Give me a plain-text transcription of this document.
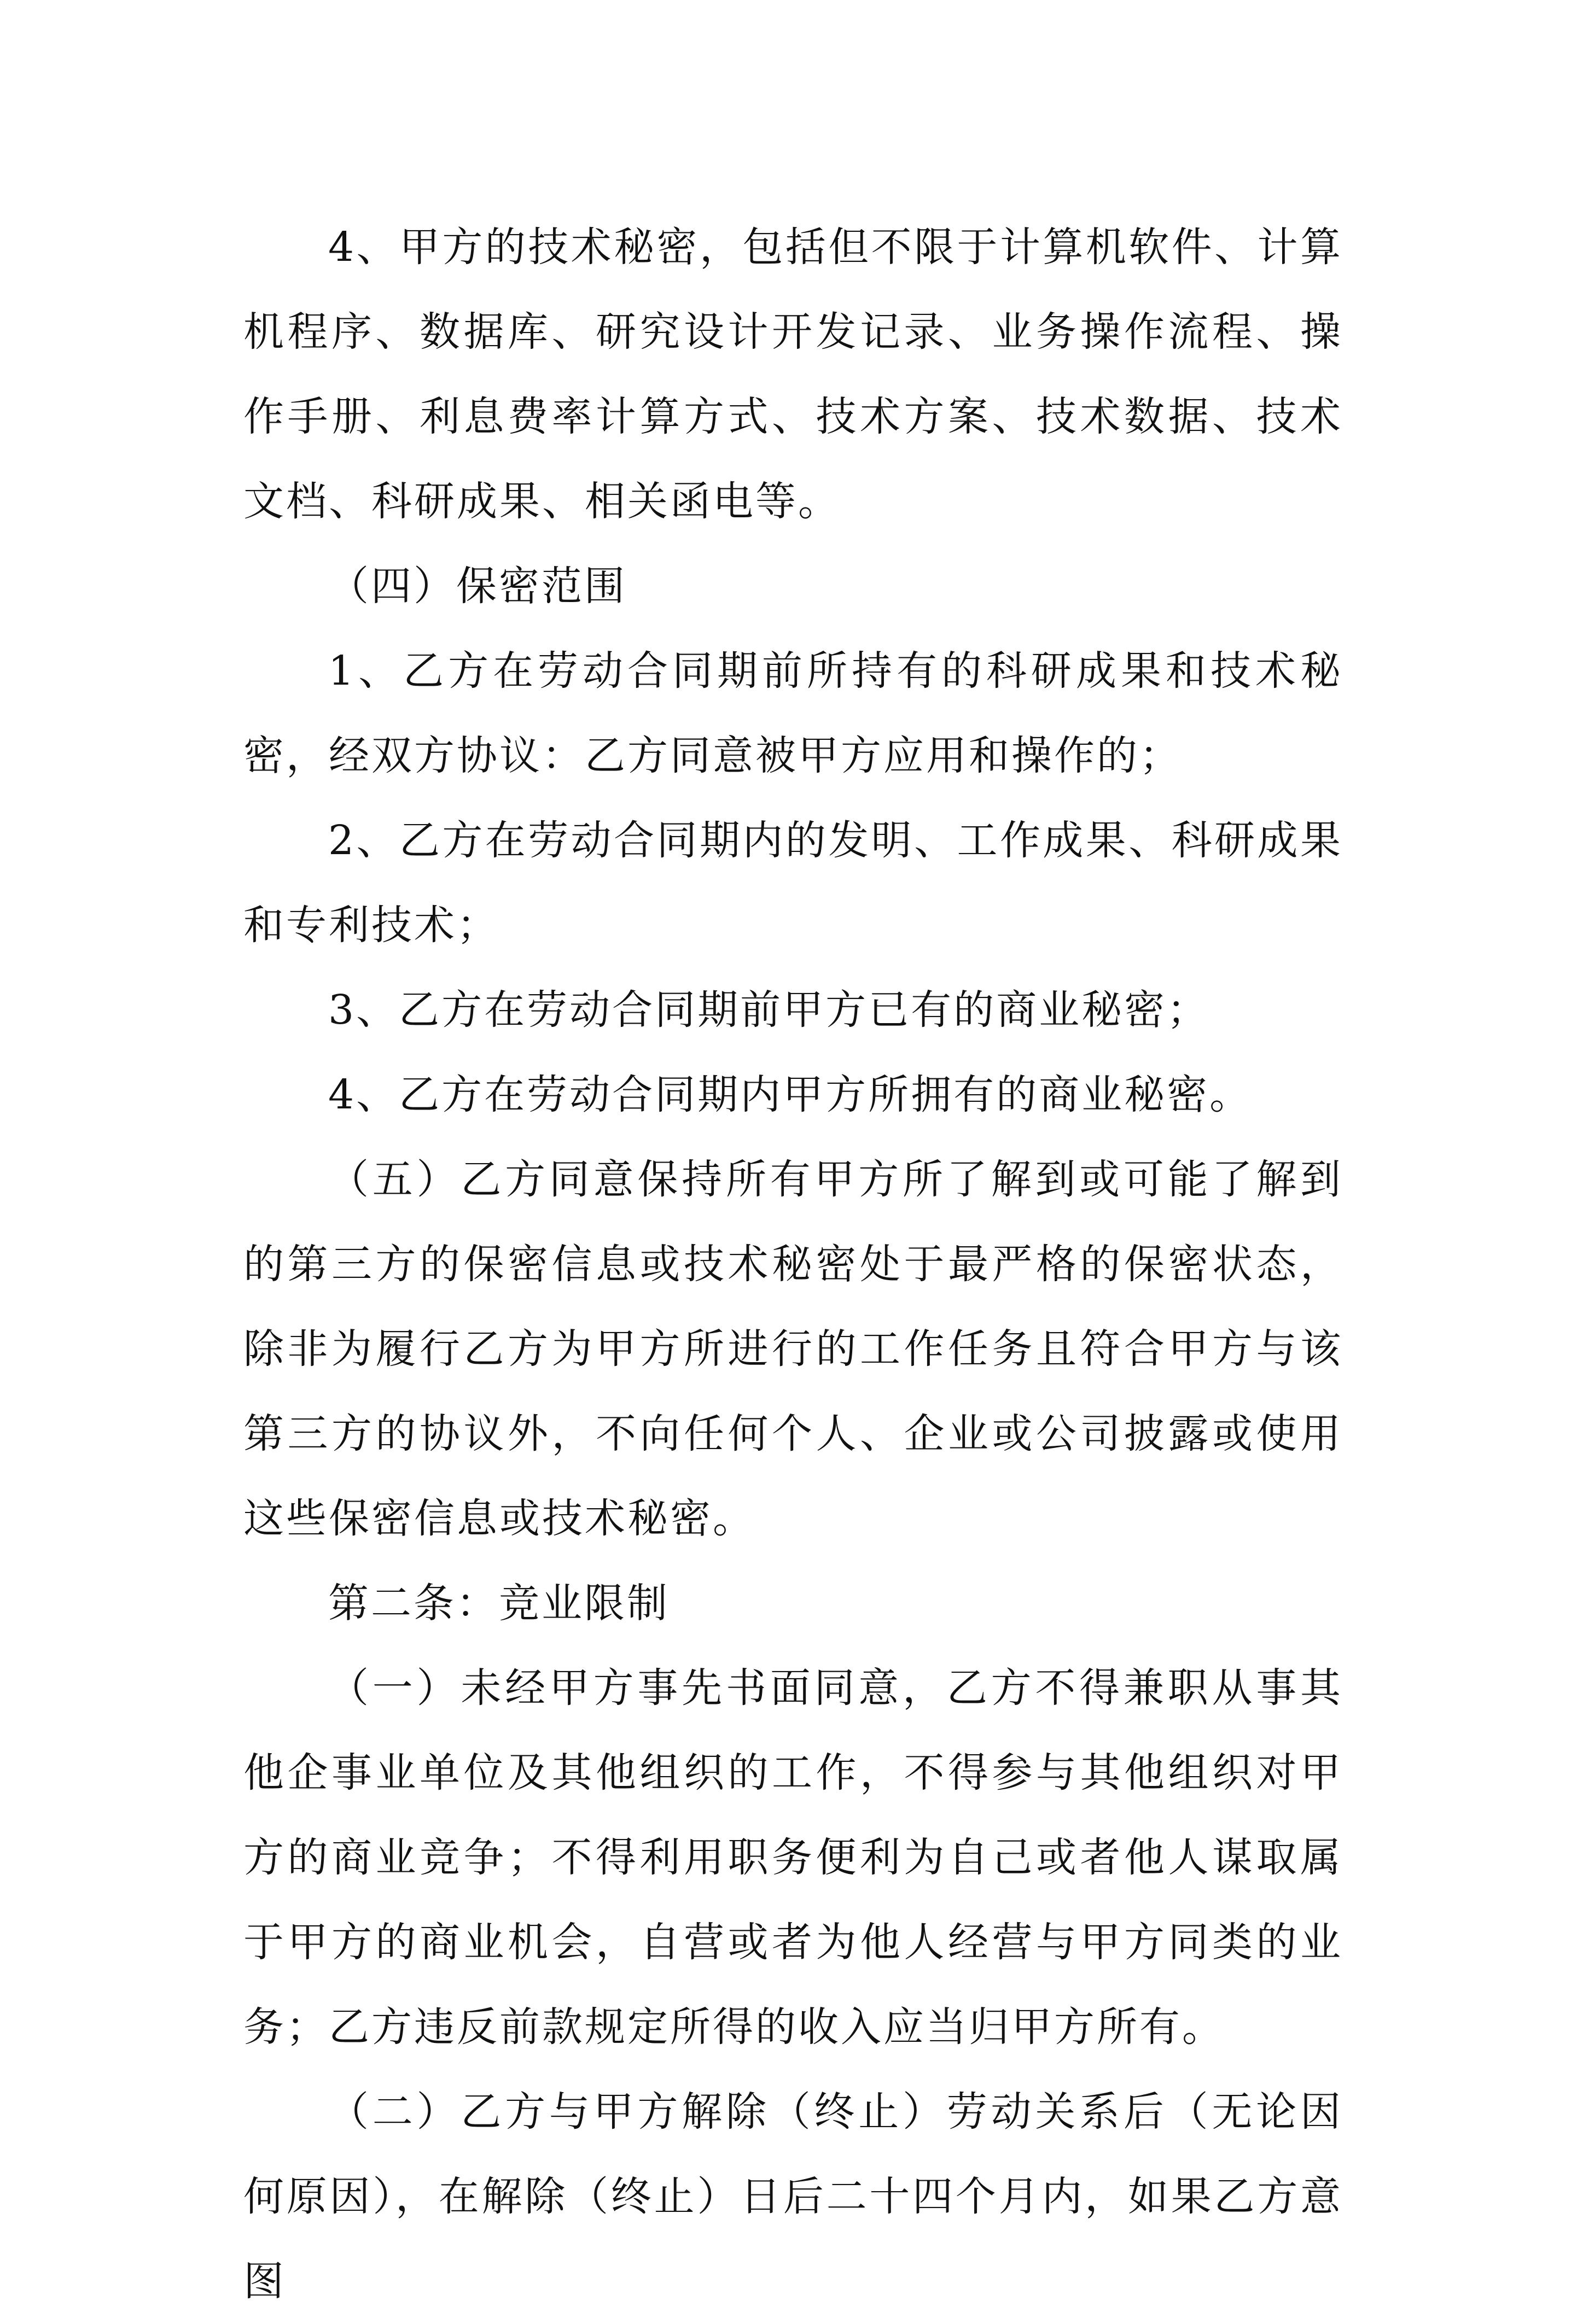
4、甲方的技术秘密，包括但不限于计算机软件、计算机程序、数据库、研究设计开发记录、业务操作流程、操作手册、利息费率计算方式、技术方案、技术数据、技术文档、科研成果、相关函电等。

（四）保密范围

1、乙方在劳动合同期前所持有的科研成果和技术秘密，经双方协议：乙方同意被甲方应用和操作的；

2、乙方在劳动合同期内的发明、工作成果、科研成果和专利技术；

3、乙方在劳动合同期前甲方已有的商业秘密；

4、乙方在劳动合同期内甲方所拥有的商业秘密。

（五）乙方同意保持所有甲方所了解到或可能了解到的第三方的保密信息或技术秘密处于最严格的保密状态，除非为履行乙方为甲方所进行的工作任务且符合甲方与该第三方的协议外，不向任何个人、企业或公司披露或使用这些保密信息或技术秘密。

第二条：竞业限制

（一）未经甲方事先书面同意，乙方不得兼职从事其他企事业单位及其他组织的工作，不得参与其他组织对甲方的商业竞争；不得利用职务便利为自己或者他人谋取属于甲方的商业机会，自营或者为他人经营与甲方同类的业务；乙方违反前款规定所得的收入应当归甲方所有。

（二）乙方与甲方解除（终止）劳动关系后（无论因何原因），在解除（终止）日后二十四个月内，如果乙方意图
